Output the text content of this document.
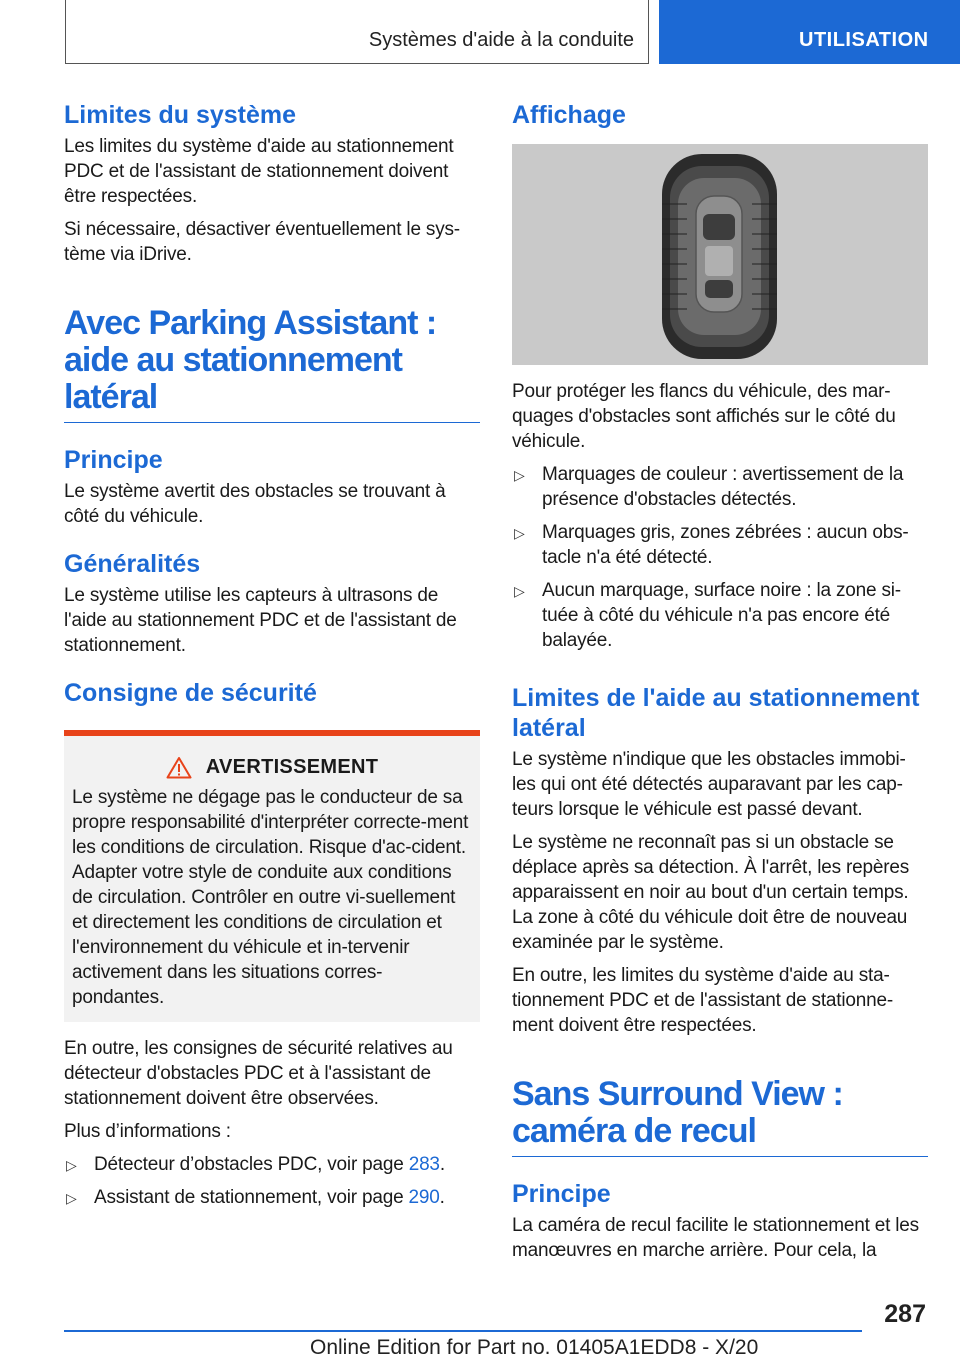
Systèmes d'aide à la conduite	UTILISATION
Limites du système

Les limites du système d'aide au stationnement PDC et de l'assistant de stationnement doivent être respectées.

Si nécessaire, désactiver éventuellement le sys‐tème via iDrive.

Avec Parking Assistant : aide au stationnement latéral
Principe

Le système avertit des obstacles se trouvant à côté du véhicule.

Généralités

Le système utilise les capteurs à ultrasons de l'aide au stationnement PDC et de l'assistant de stationnement.

Consigne de sécurité
AVERTISSEMENT

Le système ne dégage pas le conducteur de sa propre responsabilité d'interpréter correcte‐ment les conditions de circulation. Risque d'ac‐cident. Adapter votre style de conduite aux conditions de circulation. Contrôler en outre vi‐suellement et directement les conditions de circulation et l'environnement du véhicule et in‐tervenir activement dans les situations corres‐pondantes.

En outre, les consignes de sécurité relatives au détecteur d'obstacles PDC et à l'assistant de stationnement doivent être observées.

Plus d’informations :

▷ Détecteur d’obstacles PDC, voir page 283.
▷ Assistant de stationnement, voir page 290.
Affichage

Pour protéger les flancs du véhicule, des mar‐quages d'obstacles sont affichés sur le côté du véhicule.

▷ Marquages de couleur : avertissement de la présence d'obstacles détectés.
▷ Marquages gris, zones zébrées : aucun obs‐tacle n'a été détecté.
▷ Aucun marquage, surface noire : la zone si‐tuée à côté du véhicule n'a pas encore été balayée.
Limites de l'aide au stationnement latéral

Le système n'indique que les obstacles immobi‐les qui ont été détectés auparavant par les cap‐teurs lorsque le véhicule est passé devant.

Le système ne reconnaît pas si un obstacle se déplace après sa détection. À l'arrêt, les repères apparaissent en noir au bout d'un certain temps. La zone à côté du véhicule doit être de nouveau examinée par le système.

En outre, les limites du système d'aide au sta‐tionnement PDC et de l'assistant de stationne‐ment doivent être respectées.

Sans Surround View : caméra de recul
Principe

La caméra de recul facilite le stationnement et les manœuvres en marche arrière. Pour cela, la

287
Online Edition for Part no. 01405A1EDD8 - X/20
